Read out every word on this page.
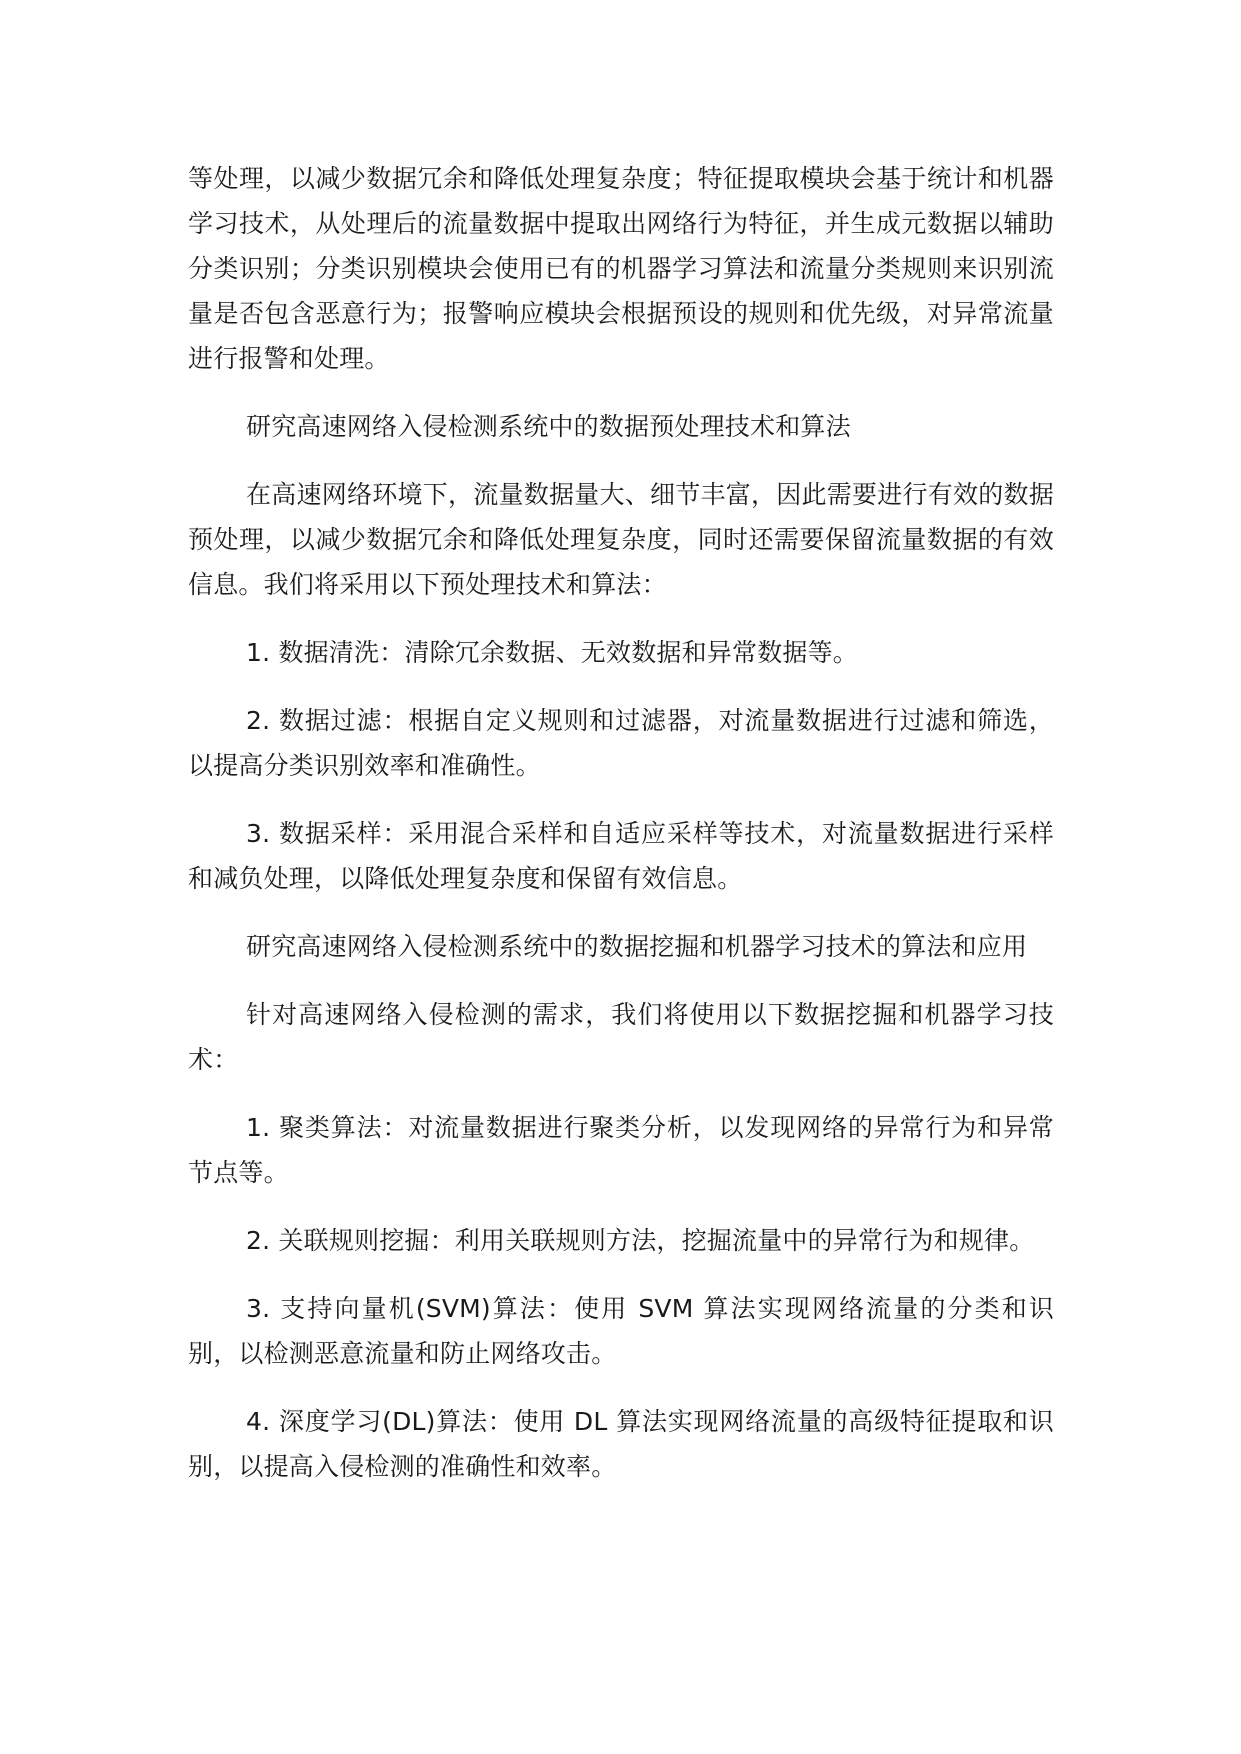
等处理，以减少数据冗余和降低处理复杂度；特征提取模块会基于统计和机器学习技术，从处理后的流量数据中提取出网络行为特征，并生成元数据以辅助分类识别；分类识别模块会使用已有的机器学习算法和流量分类规则来识别流量是否包含恶意行为；报警响应模块会根据预设的规则和优先级，对异常流量进行报警和处理。

研究高速网络入侵检测系统中的数据预处理技术和算法

在高速网络环境下，流量数据量大、细节丰富，因此需要进行有效的数据预处理，以减少数据冗余和降低处理复杂度，同时还需要保留流量数据的有效信息。我们将采用以下预处理技术和算法：

1. 数据清洗：清除冗余数据、无效数据和异常数据等。

2. 数据过滤：根据自定义规则和过滤器，对流量数据进行过滤和筛选，以提高分类识别效率和准确性。

3. 数据采样：采用混合采样和自适应采样等技术，对流量数据进行采样和减负处理，以降低处理复杂度和保留有效信息。

研究高速网络入侵检测系统中的数据挖掘和机器学习技术的算法和应用

针对高速网络入侵检测的需求，我们将使用以下数据挖掘和机器学习技术：

1. 聚类算法：对流量数据进行聚类分析，以发现网络的异常行为和异常节点等。

2. 关联规则挖掘：利用关联规则方法，挖掘流量中的异常行为和规律。

3. 支持向量机(SVM)算法：使用 SVM 算法实现网络流量的分类和识别，以检测恶意流量和防止网络攻击。

4. 深度学习(DL)算法：使用 DL 算法实现网络流量的高级特征提取和识别，以提高入侵检测的准确性和效率。
